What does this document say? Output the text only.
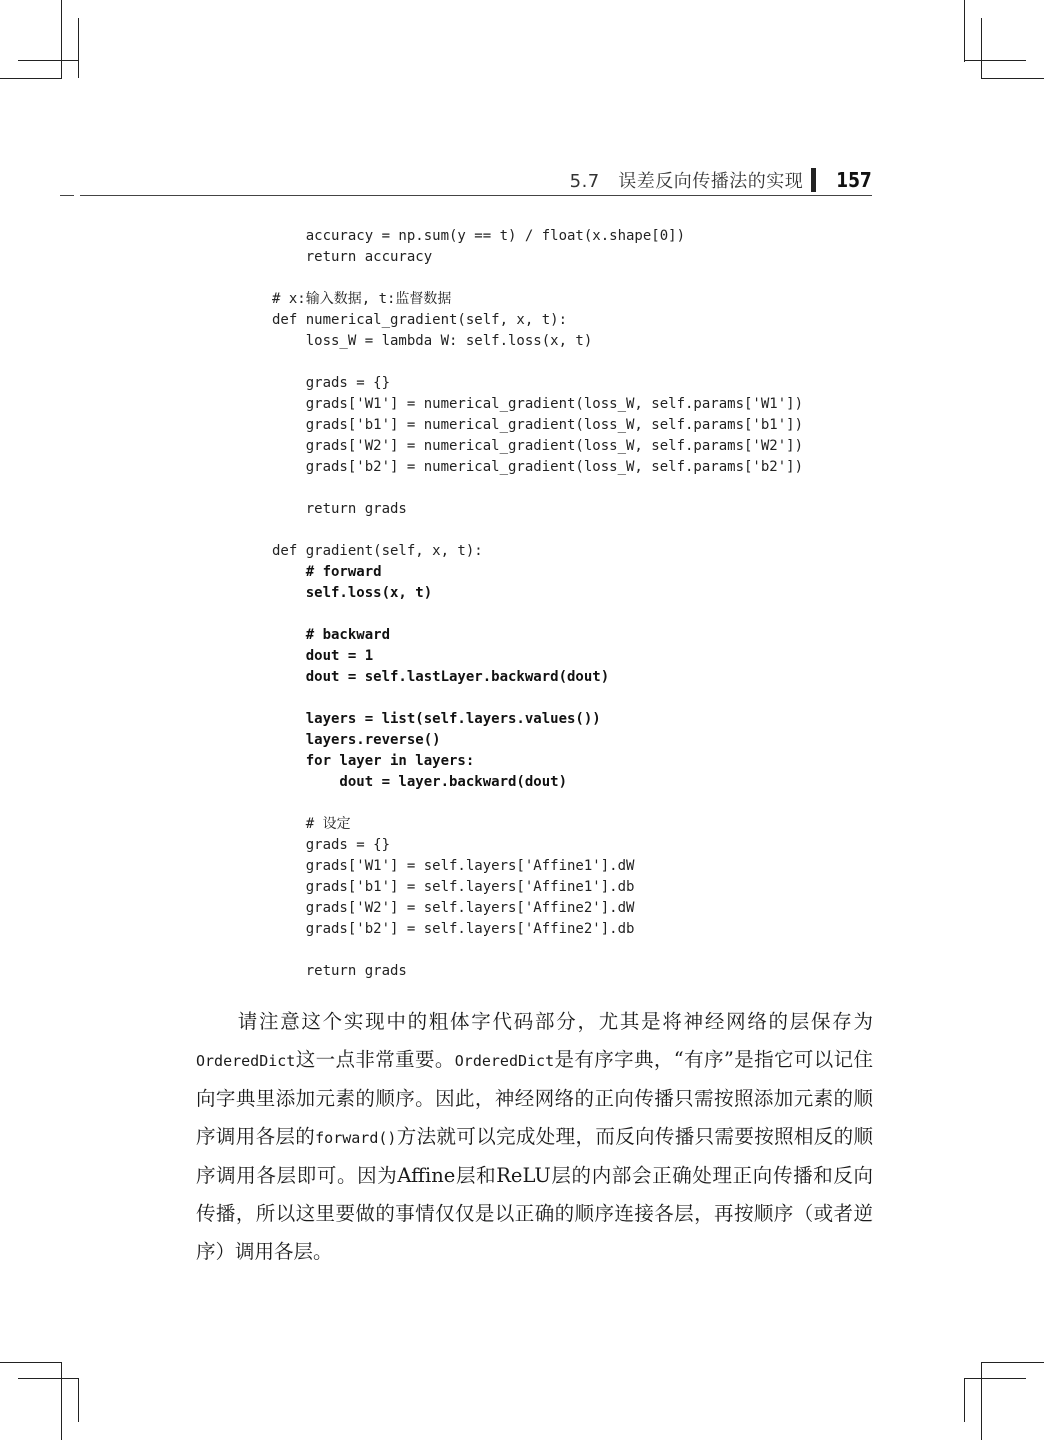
5.7　误差反向传播法的实现 157
accuracy = np.sum(y == t) / float(x.shape[0])
return accuracy
# x:输入数据, t:监督数据
def numerical_gradient(self, x, t):
loss_W = lambda W: self.loss(x, t)
grads = {}
grads['W1'] = numerical_gradient(loss_W, self.params['W1'])
grads['b1'] = numerical_gradient(loss_W, self.params['b1'])
grads['W2'] = numerical_gradient(loss_W, self.params['W2'])
grads['b2'] = numerical_gradient(loss_W, self.params['b2'])
return grads
def gradient(self, x, t):
# forward
self.loss(x, t)
# backward
dout = 1
dout = self.lastLayer.backward(dout)
layers = list(self.layers.values())
layers.reverse()
for layer in layers:
dout = layer.backward(dout)
# 设定
grads = {}
grads['W1'] = self.layers['Affine1'].dW
grads['b1'] = self.layers['Affine1'].db
grads['W2'] = self.layers['Affine2'].dW
grads['b2'] = self.layers['Affine2'].db
return grads
请注意这个实现中的粗体字代码部分，尤其是将神经网络的层保存为OrderedDict这一点非常重要。OrderedDict是有序字典，“有序”是指它可以记住向字典里添加元素的顺序。因此，神经网络的正向传播只需按照添加元素的顺序调用各层的forward()方法就可以完成处理，而反向传播只需要按照相反的顺序调用各层即可。因为Affine层和ReLU层的内部会正确处理正向传播和反向传播，所以这里要做的事情仅仅是以正确的顺序连接各层，再按顺序（或者逆序）调用各层。
